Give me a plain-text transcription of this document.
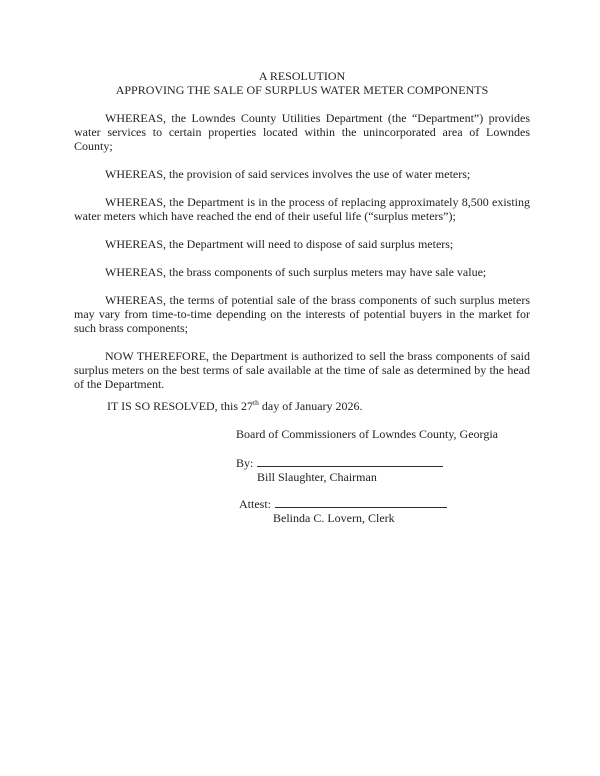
A RESOLUTION
APPROVING THE SALE OF SURPLUS WATER METER COMPONENTS

WHEREAS, the Lowndes County Utilities Department (the “Department”) provides water services to certain properties located within the unincorporated area of Lowndes County;

WHEREAS, the provision of said services involves the use of water meters;

WHEREAS, the Department is in the process of replacing approximately 8,500 existing water meters which have reached the end of their useful life (“surplus meters”);

WHEREAS, the Department will need to dispose of said surplus meters;

WHEREAS, the brass components of such surplus meters may have sale value;

WHEREAS, the terms of potential sale of the brass components of such surplus meters may vary from time-to-time depending on the interests of potential buyers in the market for such brass components;

NOW THEREFORE, the Department is authorized to sell the brass components of said surplus meters on the best terms of sale available at the time of sale as determined by the head of the Department.

IT IS SO RESOLVED, this 27th day of January 2026.

Board of Commissioners of Lowndes County, Georgia
By:
Bill Slaughter, Chairman
Attest:
Belinda C. Lovern, Clerk
